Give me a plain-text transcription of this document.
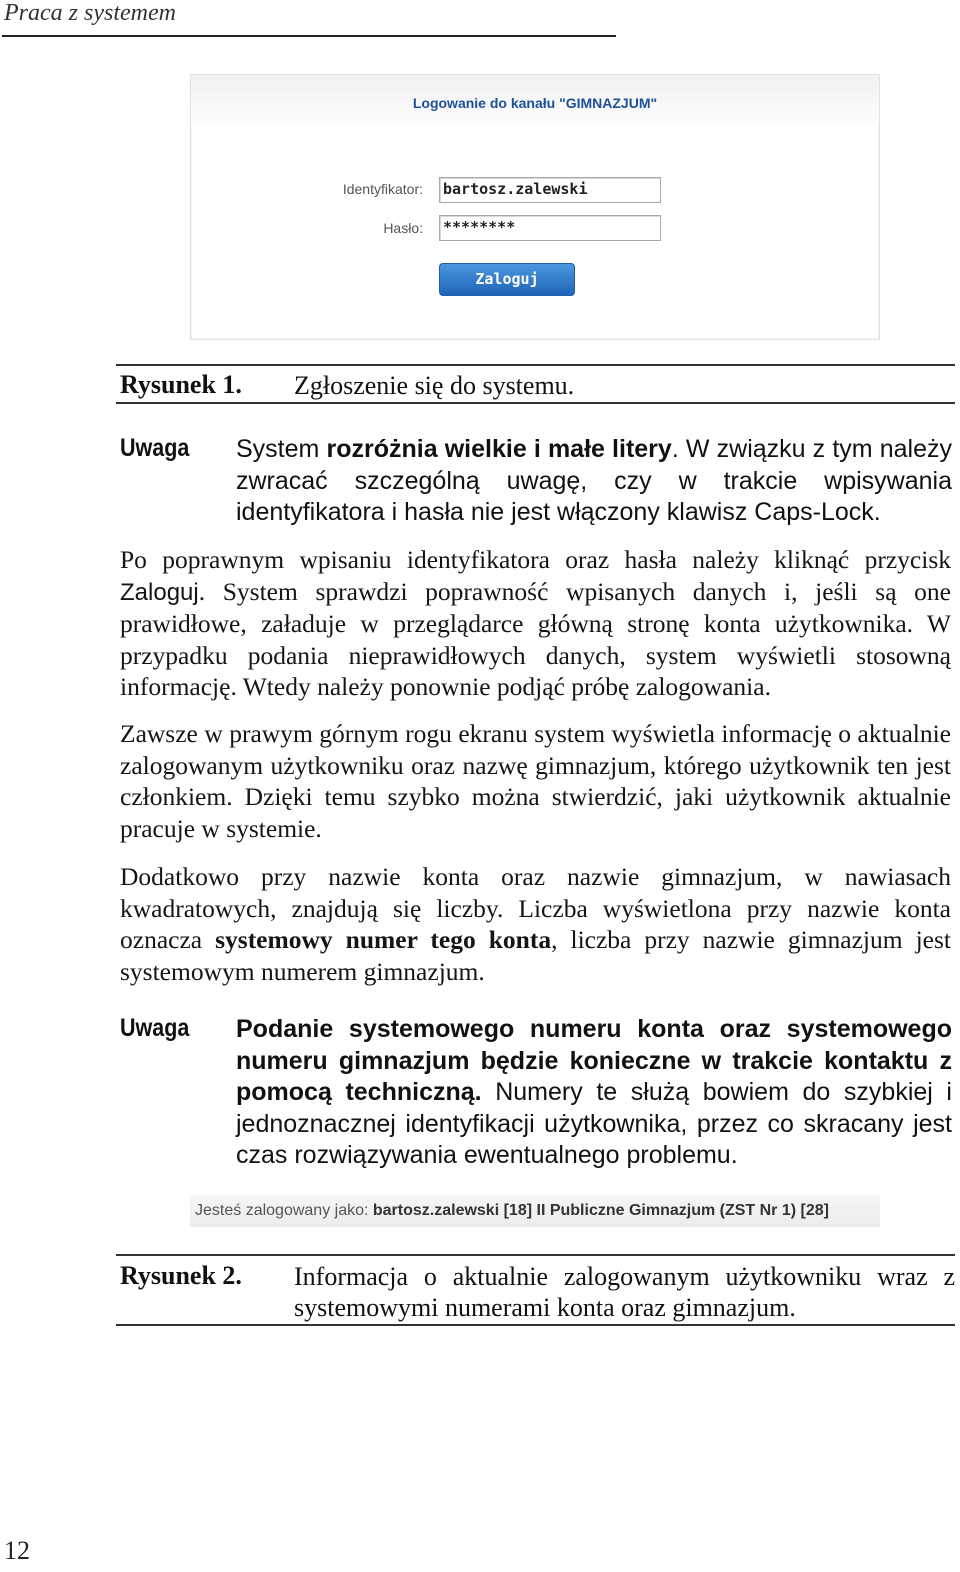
Praca z systemem
Logowanie do kanału "GIMNAZJUM"
Identyfikator: bartosz.zalewski
Hasło: ********
Zaloguj
Rysunek 1. Zgłoszenie się do systemu.
Uwaga System rozróżnia wielkie i małe litery. W związku z tym należy zwracać szczególną uwagę, czy w trakcie wpisywania identyfikatora i hasła nie jest włączony klawisz Caps-Lock.
Po poprawnym wpisaniu identyfikatora oraz hasła należy kliknąć przycisk Zaloguj. System sprawdzi poprawność wpisanych danych i, jeśli są one prawidłowe, załaduje w przeglądarce główną stronę konta użytkownika. W przypadku podania nieprawidłowych danych, system wyświetli stosowną informację. Wtedy należy ponownie podjąć próbę zalogowania.
Zawsze w prawym górnym rogu ekranu system wyświetla informację o aktualnie zalogowanym użytkowniku oraz nazwę gimnazjum, którego użytkownik ten jest członkiem. Dzięki temu szybko można stwierdzić, jaki użytkownik aktualnie pracuje w systemie.
Dodatkowo przy nazwie konta oraz nazwie gimnazjum, w nawiasach kwadratowych, znajdują się liczby. Liczba wyświetlona przy nazwie konta oznacza systemowy numer tego konta, liczba przy nazwie gimnazjum jest systemowym numerem gimnazjum.
Uwaga Podanie systemowego numeru konta oraz systemowego numeru gimnazjum będzie konieczne w trakcie kontaktu z pomocą techniczną. Numery te służą bowiem do szybkiej i jednoznacznej identyfikacji użytkownika, przez co skracany jest czas rozwiązywania ewentualnego problemu.
Jesteś zalogowany jako: bartosz.zalewski [18] II Publiczne Gimnazjum (ZST Nr 1) [28]
Rysunek 2. Informacja o aktualnie zalogowanym użytkowniku wraz z systemowymi numerami konta oraz gimnazjum.
12
